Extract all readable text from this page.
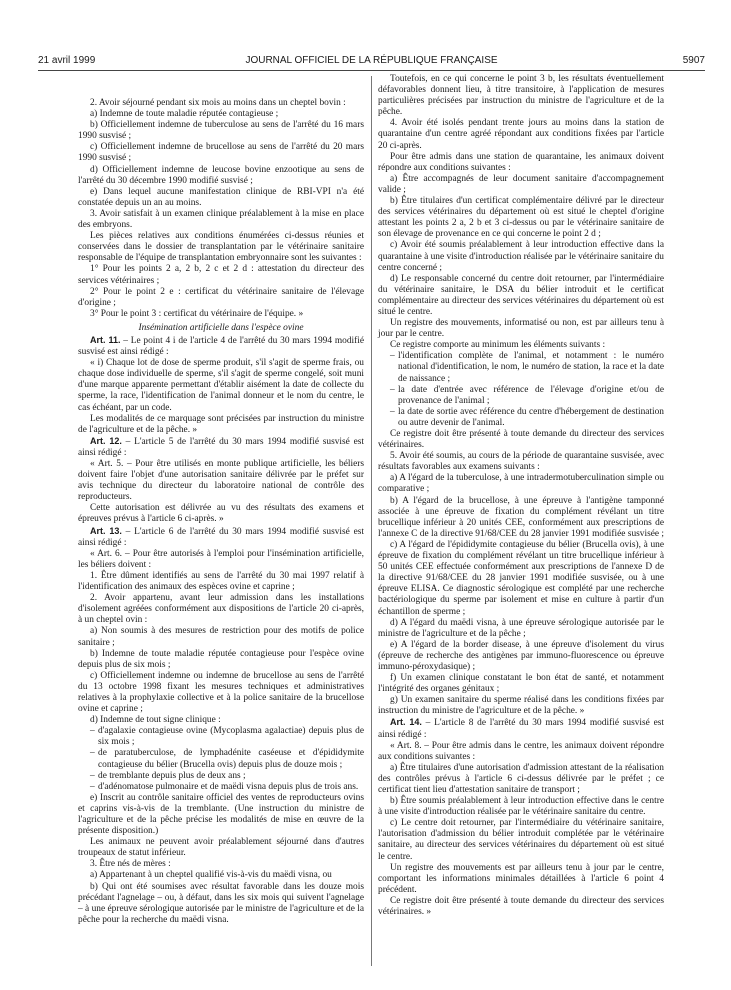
21 avril 1999	JOURNAL OFFICIEL DE LA RÉPUBLIQUE FRANÇAISE	5907

2. Avoir séjourné pendant six mois au moins dans un cheptel bovin :

a) Indemne de toute maladie réputée contagieuse ;

b) Officiellement indemne de tuberculose au sens de l'arrêté du 16 mars 1990 susvisé ;

c) Officiellement indemne de brucellose au sens de l'arrêté du 20 mars 1990 susvisé ;

d) Officiellement indemne de leucose bovine enzootique au sens de l'arrêté du 30 décembre 1990 modifié susvisé ;

e) Dans lequel aucune manifestation clinique de RBI-VPI n'a été constatée depuis un an au moins.

3. Avoir satisfait à un examen clinique préalablement à la mise en place des embryons.

Les pièces relatives aux conditions énumérées ci-dessus réunies et conservées dans le dossier de transplantation par le vétérinaire sanitaire responsable de l'équipe de transplantation embryonnaire sont les suivantes :

1° Pour les points 2 a, 2 b, 2 c et 2 d : attestation du directeur des services vétérinaires ;

2° Pour le point 2 e : certificat du vétérinaire sanitaire de l'élevage d'origine ;

3° Pour le point 3 : certificat du vétérinaire de l'équipe. »

Insémination artificielle dans l'espèce ovine

Art. 11. – Le point 4 i de l'article 4 de l'arrêté du 30 mars 1994 modifié susvisé est ainsi rédigé :

« i) Chaque lot de dose de sperme produit, s'il s'agit de sperme frais, ou chaque dose individuelle de sperme, s'il s'agit de sperme congelé, soit muni d'une marque apparente permettant d'établir aisément la date de collecte du sperme, la race, l'identification de l'animal donneur et le nom du centre, le cas échéant, par un code.

Les modalités de ce marquage sont précisées par instruction du ministre de l'agriculture et de la pêche. »

Art. 12. – L'article 5 de l'arrêté du 30 mars 1994 modifié susvisé est ainsi rédigé :

« Art. 5. – Pour être utilisés en monte publique artificielle, les béliers doivent faire l'objet d'une autorisation sanitaire délivrée par le préfet sur avis technique du directeur du laboratoire national de contrôle des reproducteurs.

Cette autorisation est délivrée au vu des résultats des examens et épreuves prévus à l'article 6 ci-après. »

Art. 13. – L'article 6 de l'arrêté du 30 mars 1994 modifié susvisé est ainsi rédigé :

« Art. 6. – Pour être autorisés à l'emploi pour l'insémination artificielle, les béliers doivent :

1. Être dûment identifiés au sens de l'arrêté du 30 mai 1997 relatif à l'identification des animaux des espèces ovine et caprine ;

2. Avoir appartenu, avant leur admission dans les installations d'isolement agréées conformément aux dispositions de l'article 20 ci-après, à un cheptel ovin :

a) Non soumis à des mesures de restriction pour des motifs de police sanitaire ;

b) Indemne de toute maladie réputée contagieuse pour l'espèce ovine depuis plus de six mois ;

c) Officiellement indemne ou indemne de brucellose au sens de l'arrêté du 13 octobre 1998 fixant les mesures techniques et administratives relatives à la prophylaxie collective et à la police sanitaire de la brucellose ovine et caprine ;

d) Indemne de tout signe clinique :

– d'agalaxie contagieuse ovine (Mycoplasma agalactiae) depuis plus de six mois ;
– de paratuberculose, de lymphadénite caséeuse et d'épididymite contagieuse du bélier (Brucella ovis) depuis plus de douze mois ;
– de tremblante depuis plus de deux ans ;
– d'adénomatose pulmonaire et de maëdi visna depuis plus de trois ans.

e) Inscrit au contrôle sanitaire officiel des ventes de reproducteurs ovins et caprins vis-à-vis de la tremblante. (Une instruction du ministre de l'agriculture et de la pêche précise les modalités de mise en œuvre de la présente disposition.)

Les animaux ne peuvent avoir préalablement séjourné dans d'autres troupeaux de statut inférieur.

3. Être nés de mères :

a) Appartenant à un cheptel qualifié vis-à-vis du maëdi visna, ou

b) Qui ont été soumises avec résultat favorable dans les douze mois précédant l'agnelage – ou, à défaut, dans les six mois qui suivent l'agnelage – à une épreuve sérologique autorisée par le ministre de l'agriculture et de la pêche pour la recherche du maëdi visna.

Toutefois, en ce qui concerne le point 3 b, les résultats éventuellement défavorables donnent lieu, à titre transitoire, à l'application de mesures particulières précisées par instruction du ministre de l'agriculture et de la pêche.

4. Avoir été isolés pendant trente jours au moins dans la station de quarantaine d'un centre agréé répondant aux conditions fixées par l'article 20 ci-après.

Pour être admis dans une station de quarantaine, les animaux doivent répondre aux conditions suivantes :

a) Être accompagnés de leur document sanitaire d'accompagnement valide ;

b) Être titulaires d'un certificat complémentaire délivré par le directeur des services vétérinaires du département où est situé le cheptel d'origine attestant les points 2 a, 2 b et 3 ci-dessus ou par le vétérinaire sanitaire de son élevage de provenance en ce qui concerne le point 2 d ;

c) Avoir été soumis préalablement à leur introduction effective dans la quarantaine à une visite d'introduction réalisée par le vétérinaire sanitaire du centre concerné ;

d) Le responsable concerné du centre doit retourner, par l'intermédiaire du vétérinaire sanitaire, le DSA du bélier introduit et le certificat complémentaire au directeur des services vétérinaires du département où est situé le centre.

Un registre des mouvements, informatisé ou non, est par ailleurs tenu à jour par le centre.

Ce registre comporte au minimum les éléments suivants :

– l'identification complète de l'animal, et notamment : le numéro national d'identification, le nom, le numéro de station, la race et la date de naissance ;
– la date d'entrée avec référence de l'élevage d'origine et/ou de provenance de l'animal ;
– la date de sortie avec référence du centre d'hébergement de destination ou autre devenir de l'animal.

Ce registre doit être présenté à toute demande du directeur des services vétérinaires.

5. Avoir été soumis, au cours de la période de quarantaine susvisée, avec résultats favorables aux examens suivants :

a) A l'égard de la tuberculose, à une intradermotuberculination simple ou comparative ;

b) A l'égard de la brucellose, à une épreuve à l'antigène tamponné associée à une épreuve de fixation du complément révélant un titre brucellique inférieur à 20 unités CEE, conformément aux prescriptions de l'annexe C de la directive 91/68/CEE du 28 janvier 1991 modifiée susvisée ;

c) A l'égard de l'épididymite contagieuse du bélier (Brucella ovis), à une épreuve de fixation du complément révélant un titre brucellique inférieur à 50 unités CEE effectuée conformément aux prescriptions de l'annexe D de la directive 91/68/CEE du 28 janvier 1991 modifiée susvisée, ou à une épreuve ELISA. Ce diagnostic sérologique est complété par une recherche bactériologique du sperme par isolement et mise en culture à partir d'un échantillon de sperme ;

d) A l'égard du maëdi visna, à une épreuve sérologique autorisée par le ministre de l'agriculture et de la pêche ;

e) A l'égard de la border disease, à une épreuve d'isolement du virus (épreuve de recherche des antigènes par immuno-fluorescence ou épreuve immuno-péroxydasique) ;

f) Un examen clinique constatant le bon état de santé, et notamment l'intégrité des organes génitaux ;

g) Un examen sanitaire du sperme réalisé dans les conditions fixées par instruction du ministre de l'agriculture et de la pêche. »

Art. 14. – L'article 8 de l'arrêté du 30 mars 1994 modifié susvisé est ainsi rédigé :

« Art. 8. – Pour être admis dans le centre, les animaux doivent répondre aux conditions suivantes :

a) Être titulaires d'une autorisation d'admission attestant de la réalisation des contrôles prévus à l'article 6 ci-dessus délivrée par le préfet ; ce certificat tient lieu d'attestation sanitaire de transport ;

b) Être soumis préalablement à leur introduction effective dans le centre à une visite d'introduction réalisée par le vétérinaire sanitaire du centre.

c) Le centre doit retourner, par l'intermédiaire du vétérinaire sanitaire, l'autorisation d'admission du bélier introduit complétée par le vétérinaire sanitaire, au directeur des services vétérinaires du département où est situé le centre.

Un registre des mouvements est par ailleurs tenu à jour par le centre, comportant les informations minimales détaillées à l'article 6 point 4 précédent.

Ce registre doit être présenté à toute demande du directeur des services vétérinaires. »
